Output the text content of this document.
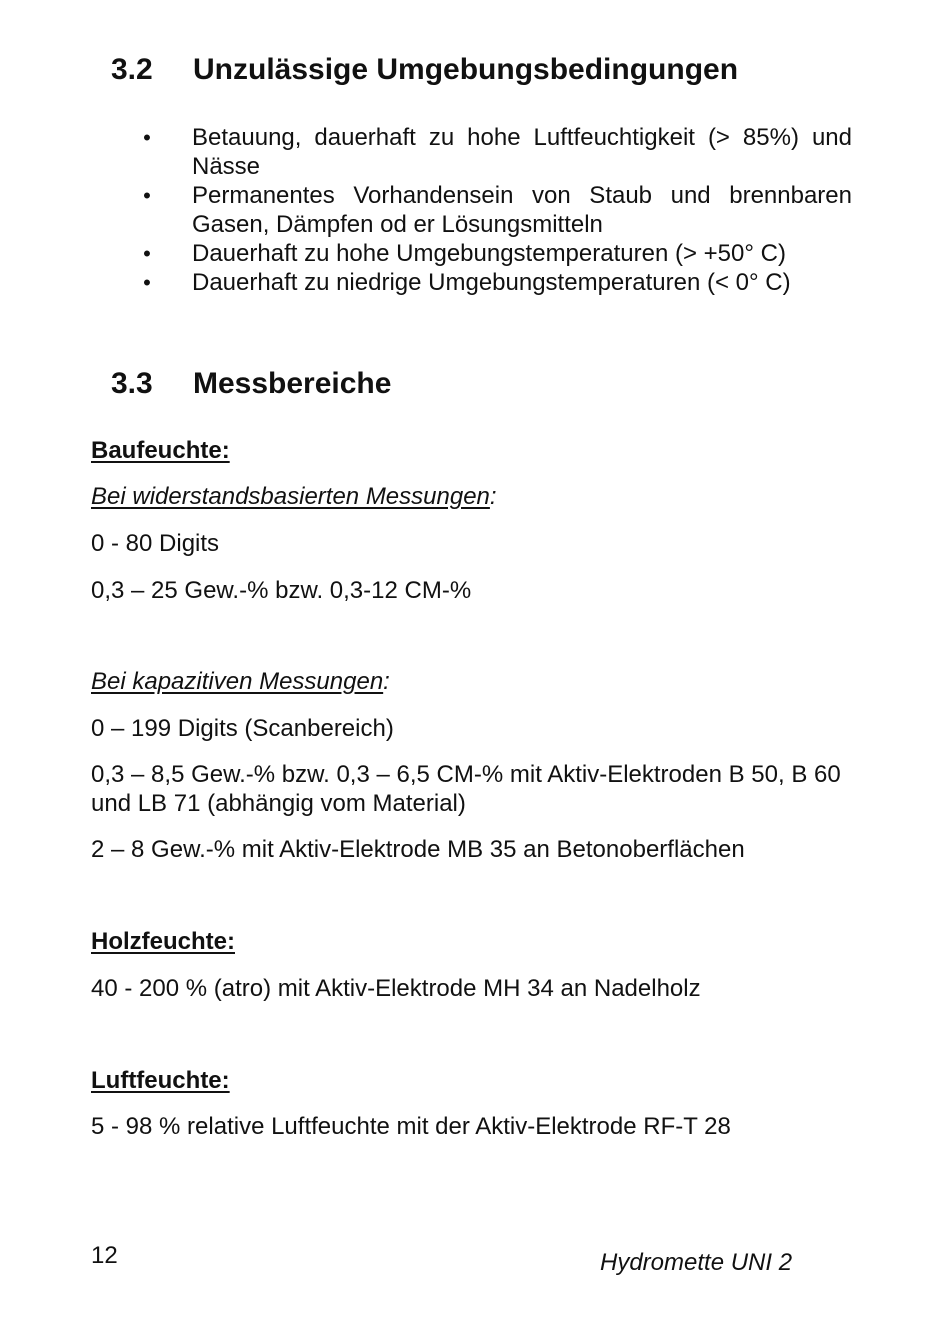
3.2 Unzulässige Umgebungsbedingungen
• Betauung, dauerhaft zu hohe Luftfeuchtigkeit (> 85%) und Nässe
• Permanentes Vorhandensein von Staub und brennbaren Gasen, Dämpfen od er Lösungsmitteln
• Dauerhaft zu hohe Umgebungstemperaturen (> +50° C)
• Dauerhaft zu niedrige Umgebungstemperaturen (< 0° C)
3.3 Messbereiche

Baufeuchte:

Bei widerstandsbasierten Messungen:

0 - 80 Digits

0,3 – 25 Gew.-% bzw. 0,3-12 CM-%

Bei kapazitiven Messungen:

0 – 199 Digits (Scanbereich)

0,3 – 8,5 Gew.-% bzw. 0,3 – 6,5 CM-% mit Aktiv-Elektroden B 50, B 60 und LB 71 (abhängig vom Material)

2 – 8 Gew.-% mit Aktiv-Elektrode MB 35 an Betonoberflächen

Holzfeuchte:

40 - 200 % (atro) mit Aktiv-Elektrode MH 34 an Nadelholz

Luftfeuchte:

5 - 98 % relative Luftfeuchte mit der Aktiv-Elektrode RF-T 28

12	Hydromette UNI 2
